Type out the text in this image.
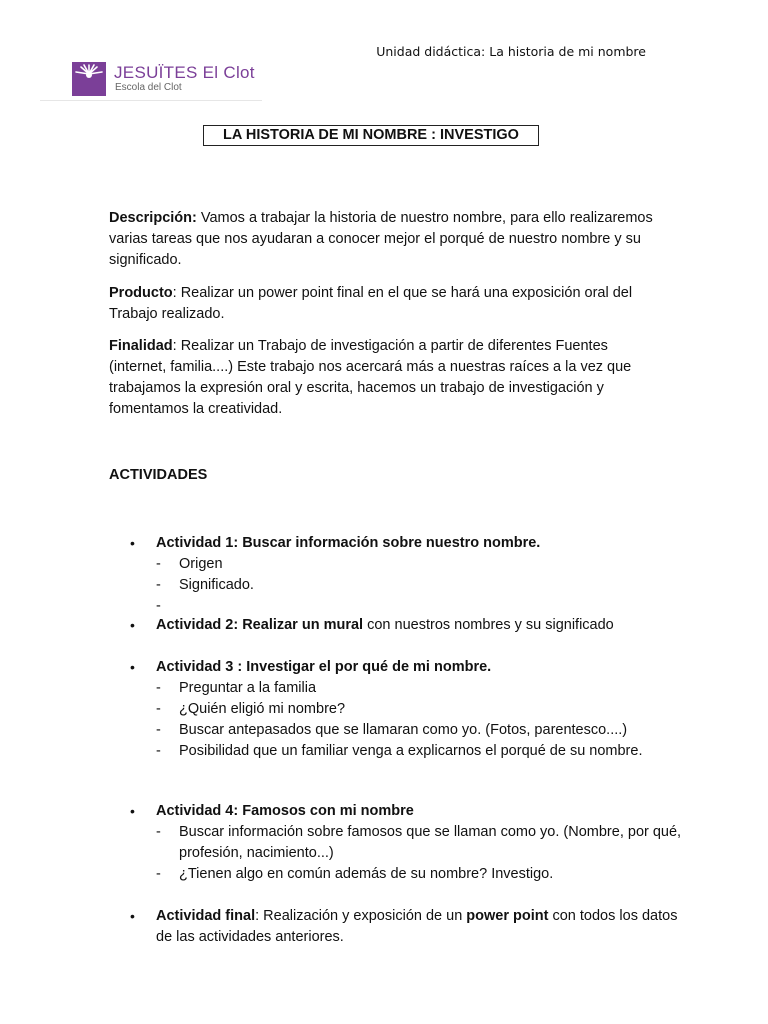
Unidad didáctica: La historia de mi nombre
JESUÏTES El Clot
Escola del Clot
LA HISTORIA DE MI NOMBRE : INVESTIGO

Descripción: Vamos a trabajar la historia de nuestro nombre, para ello realizaremos varias tareas que nos ayudaran a conocer mejor el porqué de nuestro nombre y su significado.

Producto: Realizar un power point final en el que se hará una exposición oral del Trabajo realizado.

Finalidad: Realizar un Trabajo de investigación a partir de diferentes Fuentes (internet, familia....) Este trabajo nos acercará más a nuestras raíces a la vez que trabajamos la expresión oral y escrita, hacemos un trabajo de investigación y fomentamos la creatividad.

ACTIVIDADES
• Actividad 1: Buscar información sobre nuestro nombre.
- Origen
- Significado.
-
• Actividad 2: Realizar un mural con nuestros nombres y su significado
• Actividad 3 : Investigar el por qué de mi nombre.
- Preguntar a la familia
- ¿Quién eligió mi nombre?
- Buscar antepasados que se llamaran como yo. (Fotos, parentesco....)
- Posibilidad que un familiar venga a explicarnos el porqué de su nombre.
• Actividad 4: Famosos con mi nombre
- Buscar información sobre famosos que se llaman como yo. (Nombre, por qué, profesión, nacimiento...)
- ¿Tienen algo en común además de su nombre? Investigo.
• Actividad final: Realización y exposición de un power point con todos los datos de las actividades anteriores.
